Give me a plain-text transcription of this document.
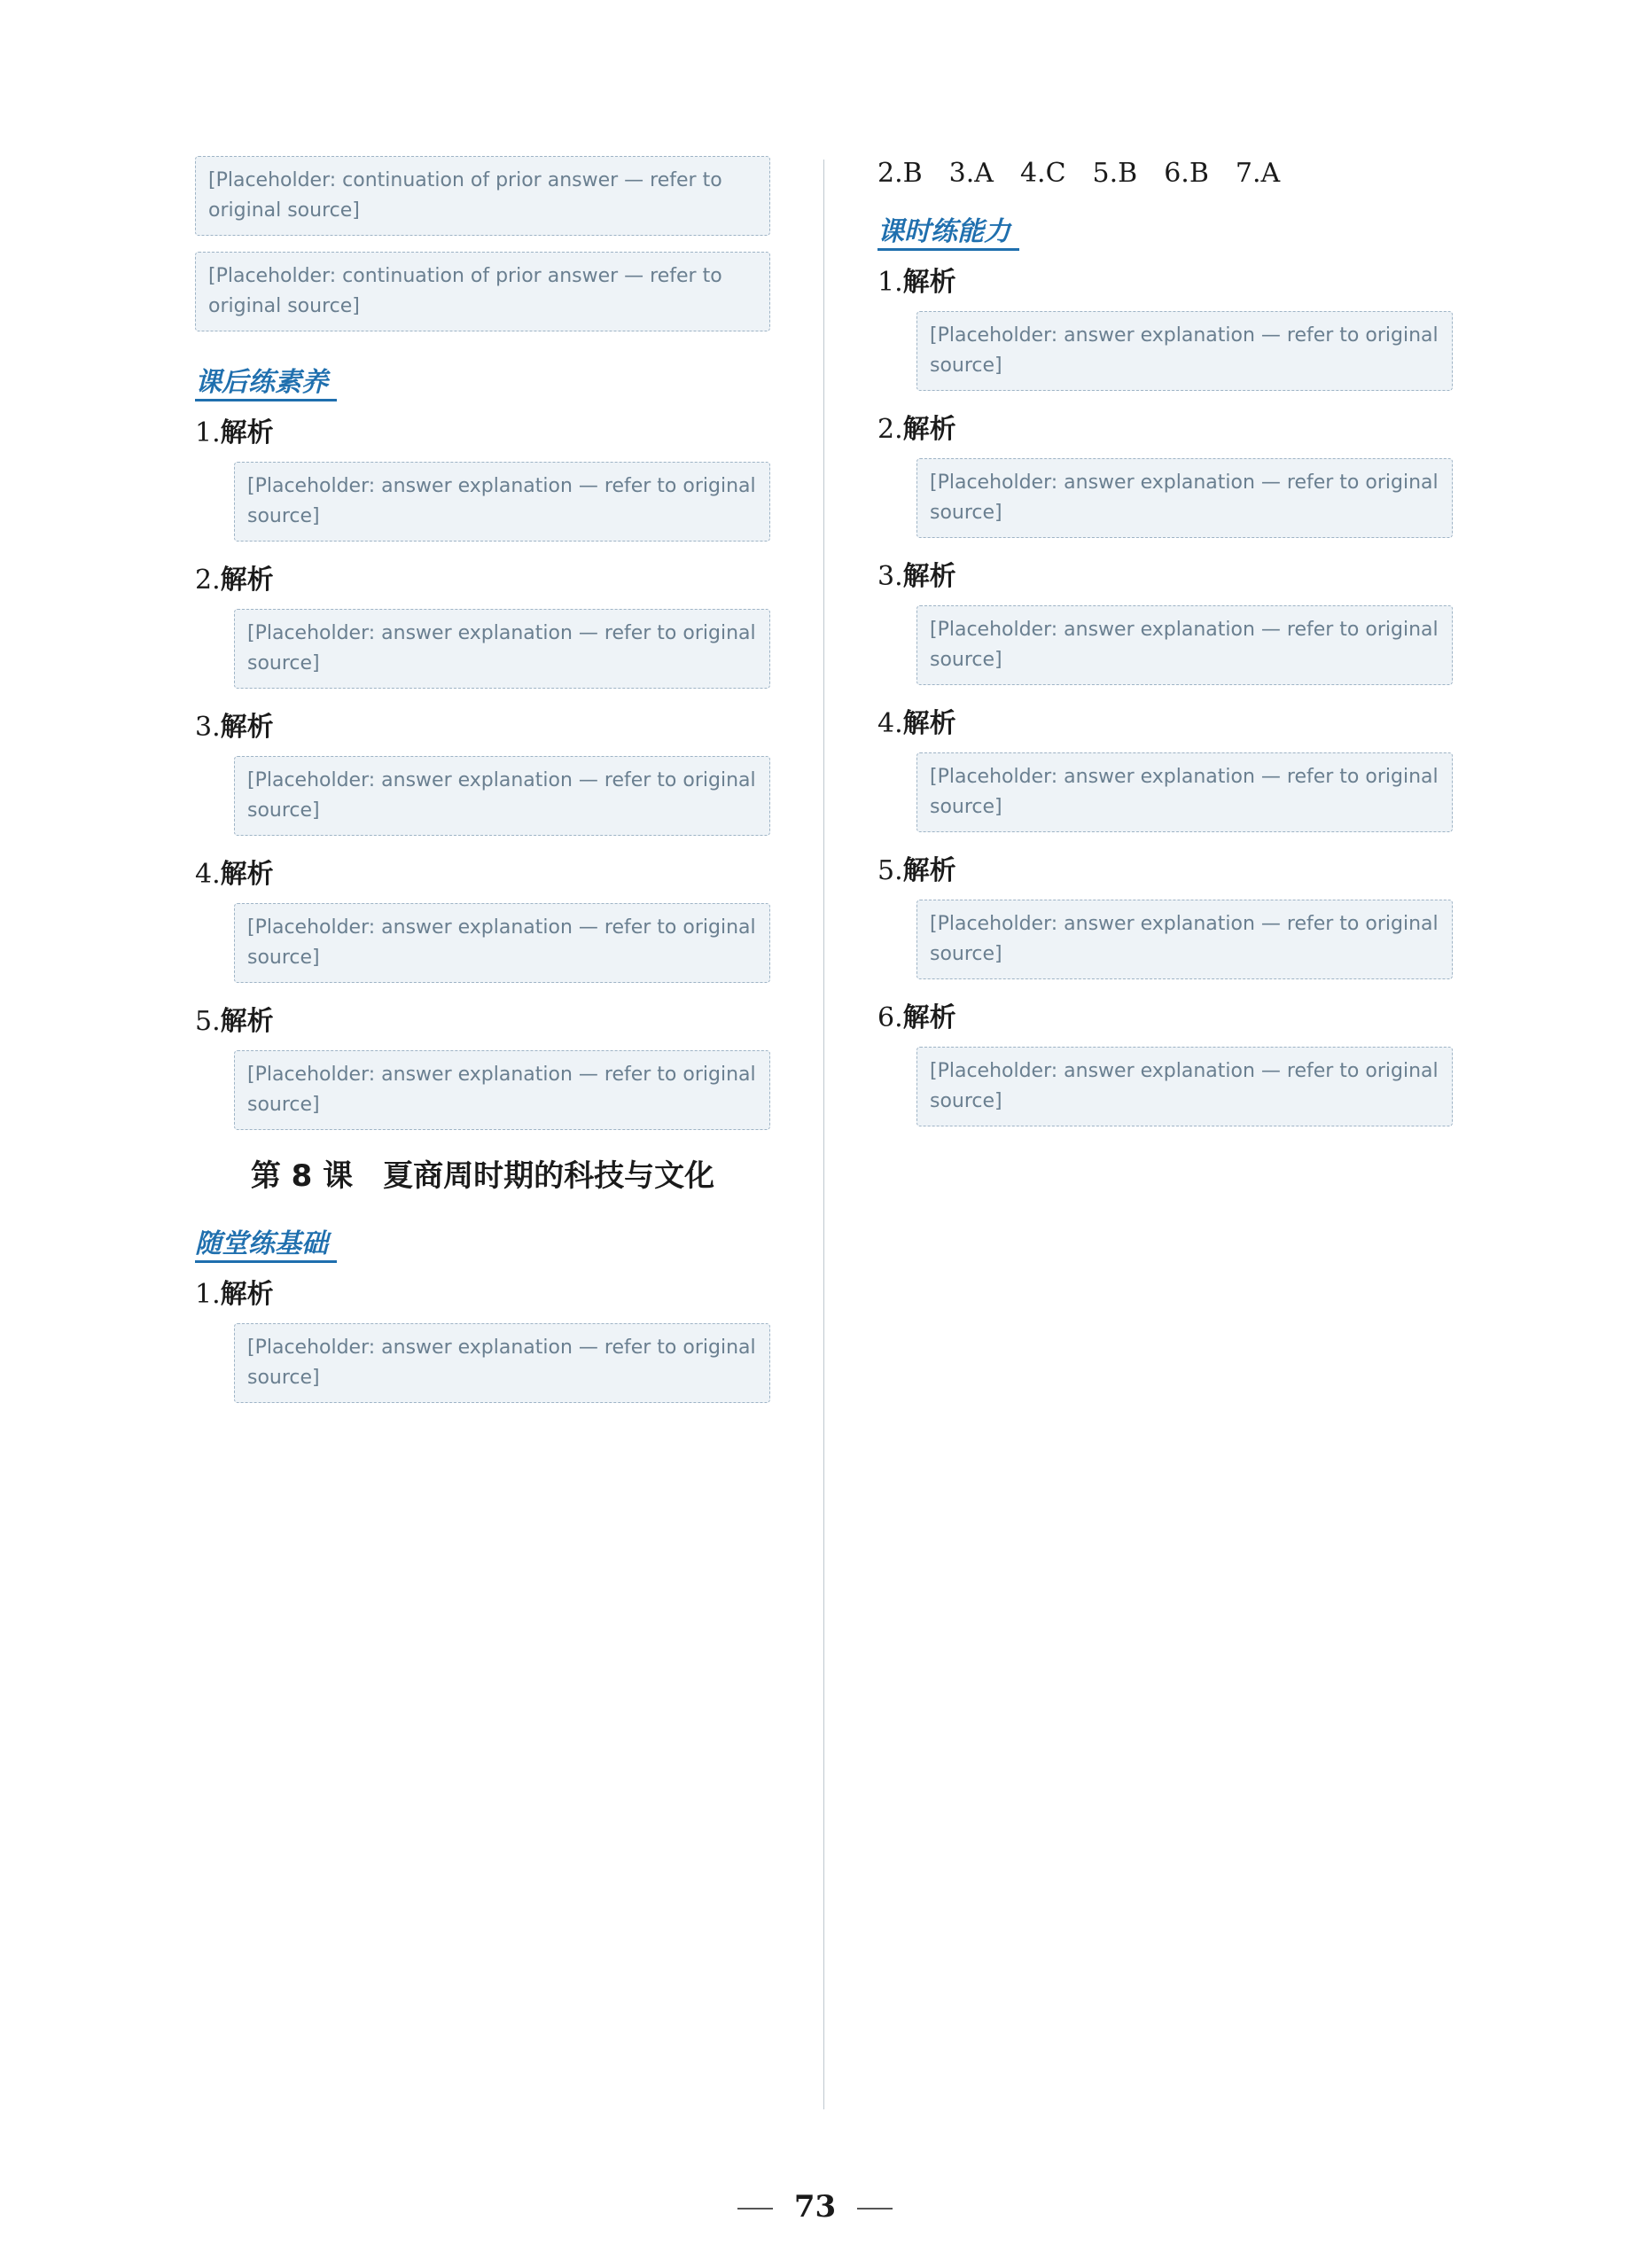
[Placeholder: continuation of prior answer — refer to original source]
[Placeholder: continuation of prior answer — refer to original source]
课后练素养

1.解析

[Placeholder: answer explanation — refer to original source]

2.解析

[Placeholder: answer explanation — refer to original source]

3.解析

[Placeholder: answer explanation — refer to original source]

4.解析

[Placeholder: answer explanation — refer to original source]

5.解析

[Placeholder: answer explanation — refer to original source]
第 8 课　夏商周时期的科技与文化
随堂练基础

1.解析

[Placeholder: answer explanation — refer to original source]

2.B　3.A　4.C　5.B　6.B　7.A

课时练能力

1.解析

[Placeholder: answer explanation — refer to original source]

2.解析

[Placeholder: answer explanation — refer to original source]

3.解析

[Placeholder: answer explanation — refer to original source]

4.解析

[Placeholder: answer explanation — refer to original source]

5.解析

[Placeholder: answer explanation — refer to original source]

6.解析

[Placeholder: answer explanation — refer to original source]
73
